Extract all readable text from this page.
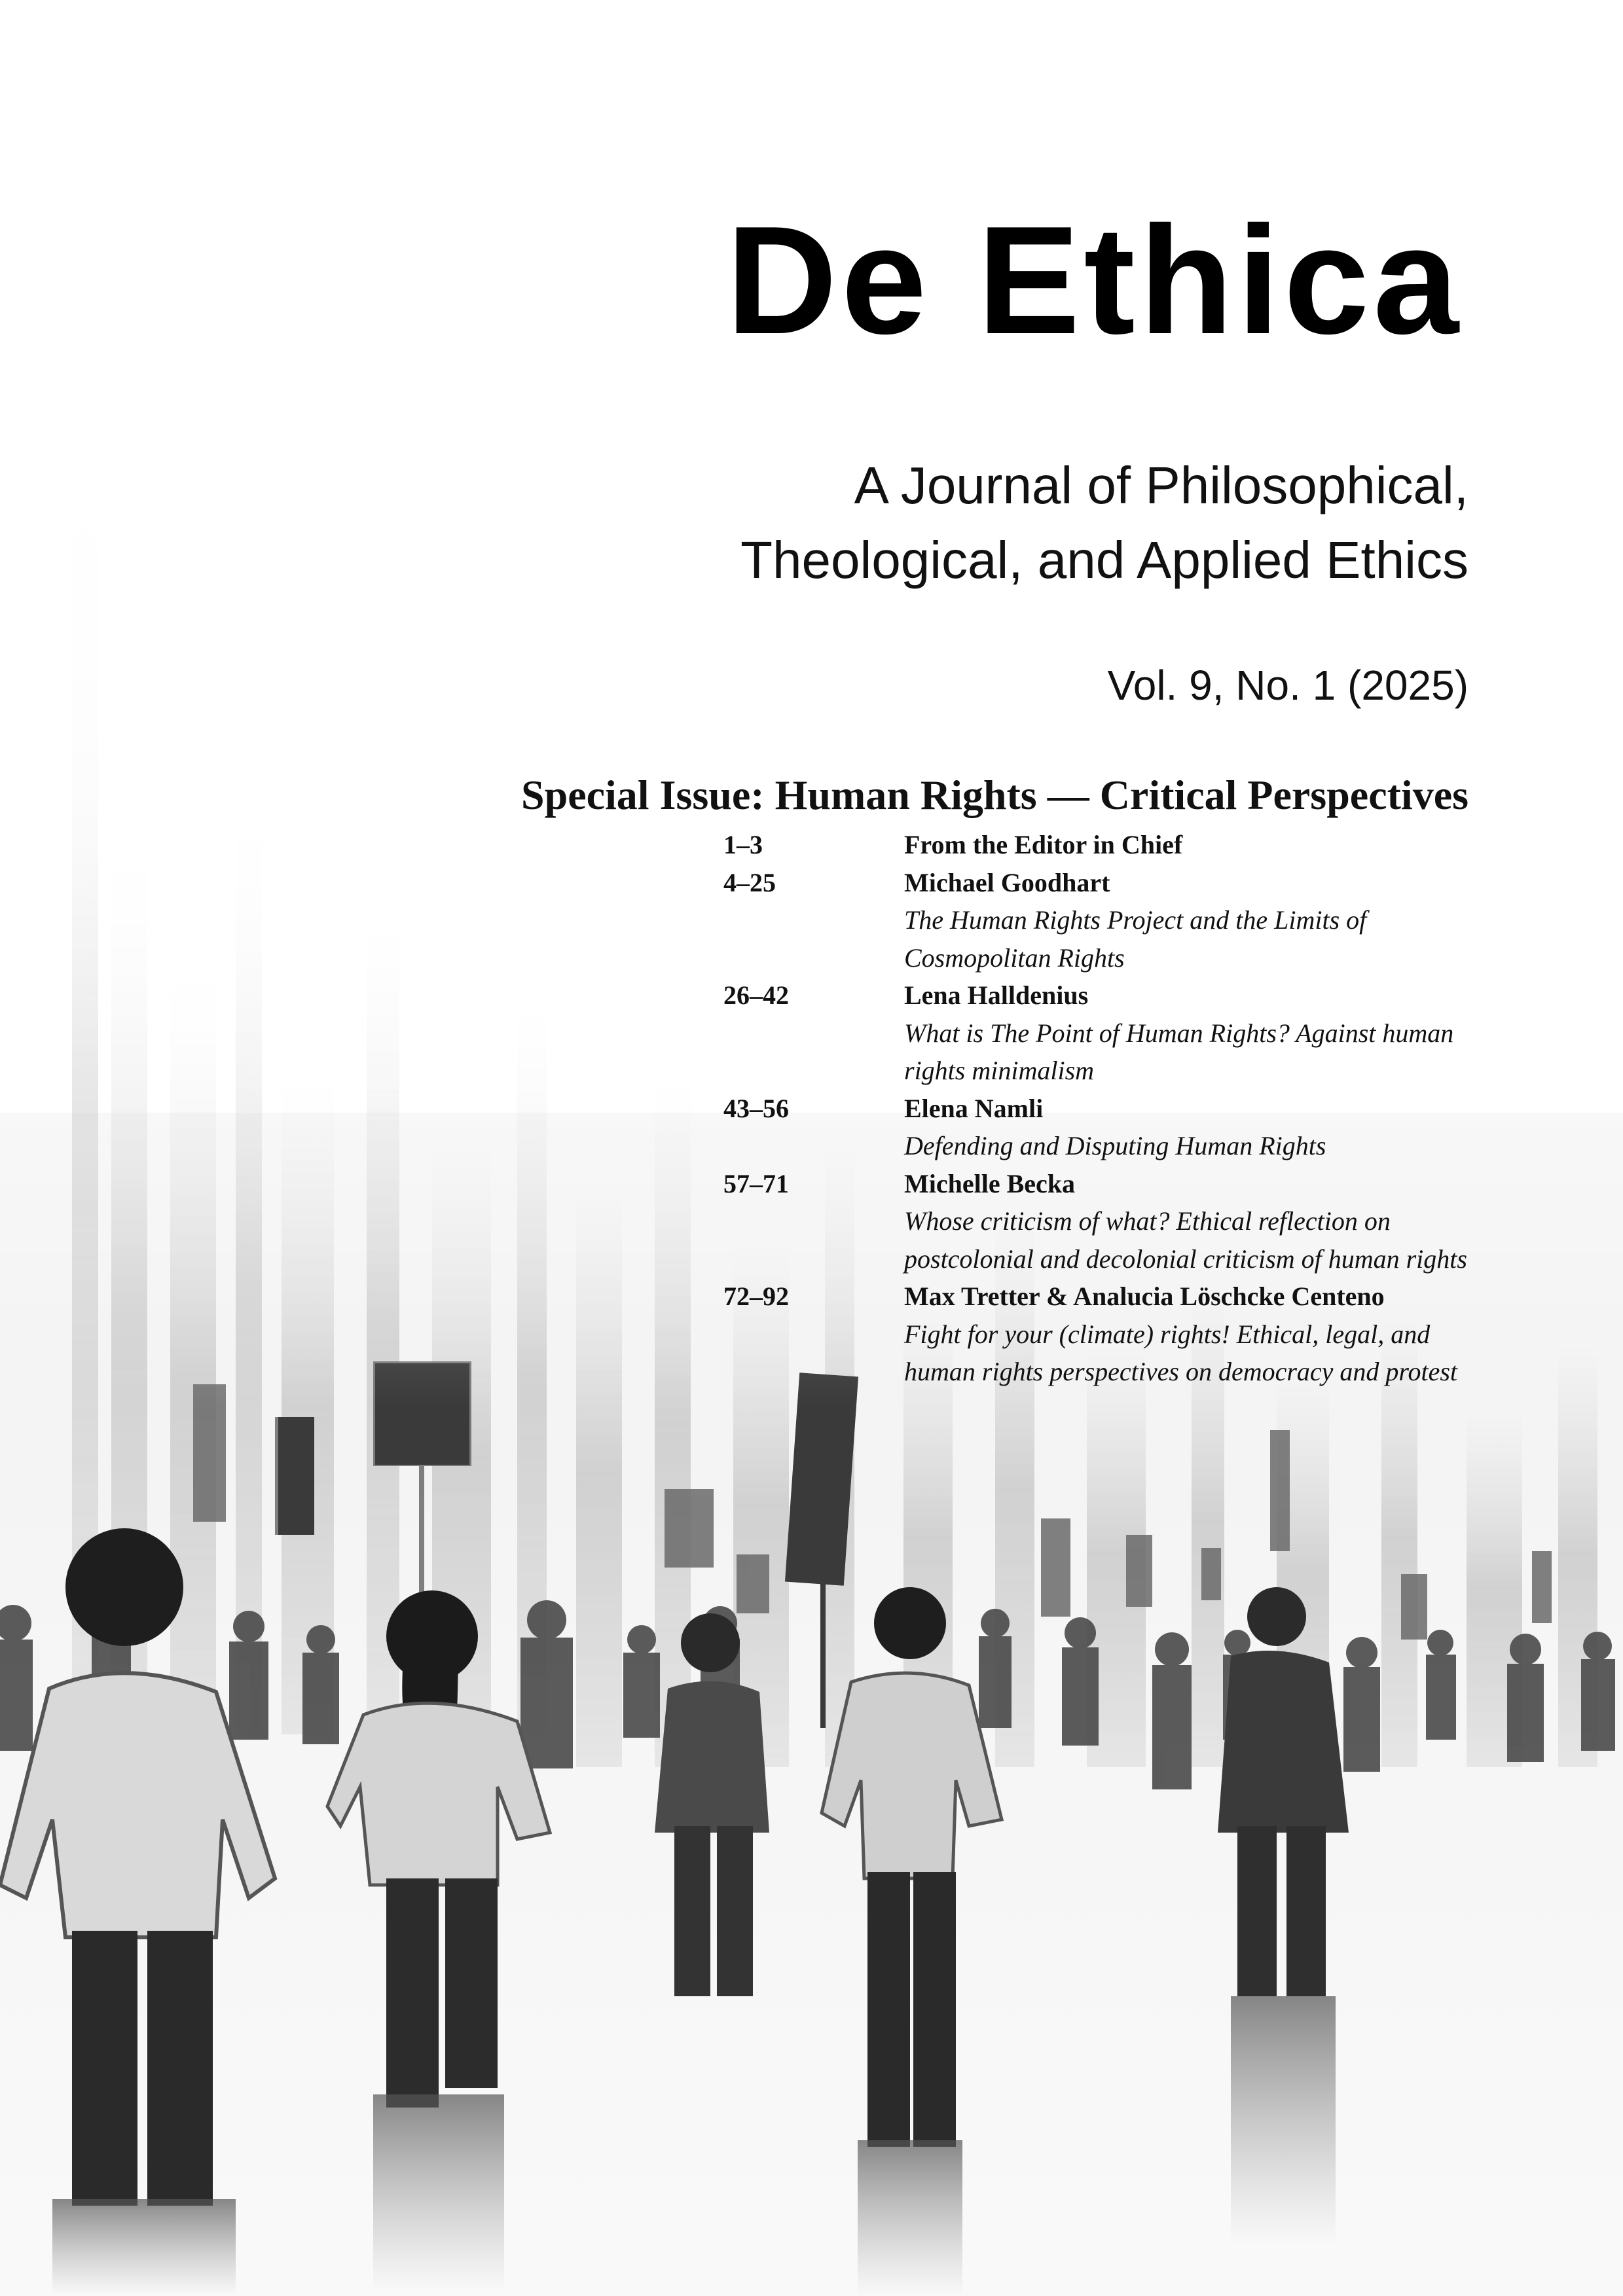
De Ethica
A Journal of Philosophical,
Theological, and Applied Ethics
Vol. 9, No. 1 (2025)
Special Issue: Human Rights — Critical Perspectives
1–3	From the Editor in Chief
4–25	Michael Goodhart
The Human Rights Project and the Limits of Cosmopolitan Rights
26–42	Lena Halldenius
What is The Point of Human Rights? Against human rights minimalism
43–56	Elena Namli
Defending and Disputing Human Rights
57–71	Michelle Becka
Whose criticism of what? Ethical reflection on postcolonial and decolonial criticism of human rights
72–92	Max Tretter & Analucia Löschcke Centeno
Fight for your (climate) rights! Ethical, legal, and human rights perspectives on democracy and protest
